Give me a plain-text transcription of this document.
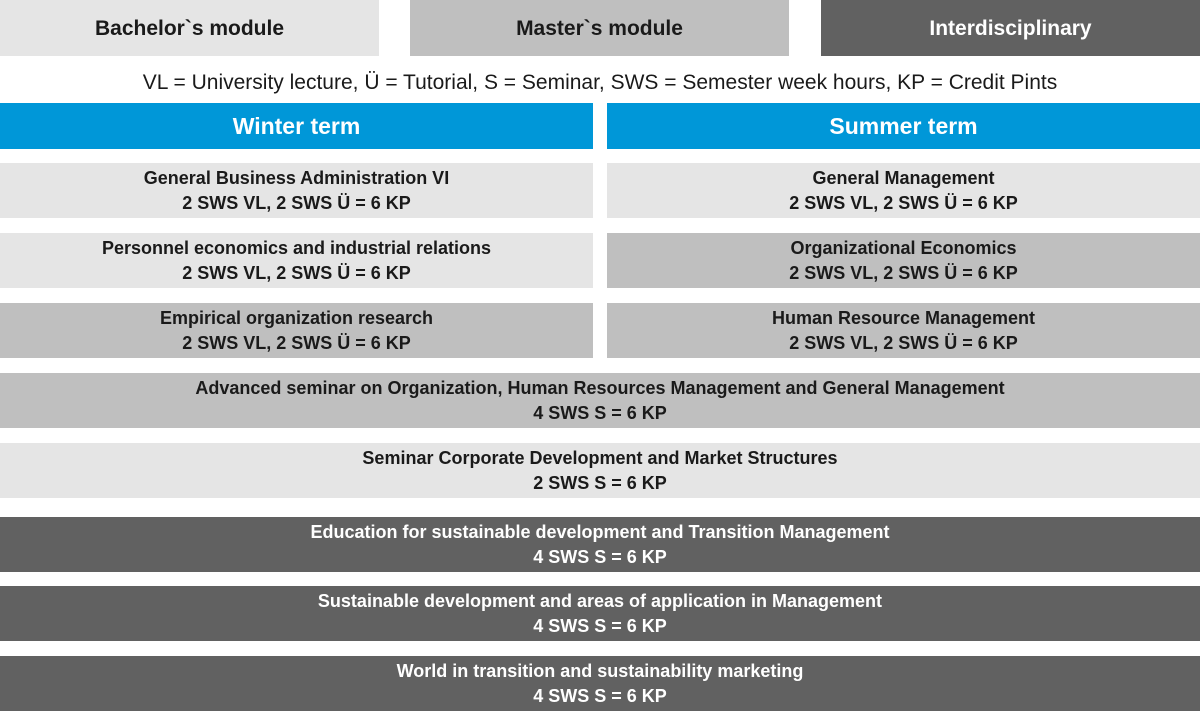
Bachelor`s module	Master`s module	Interdisciplinary
VL = University lecture, Ü = Tutorial, S = Seminar, SWS = Semester week hours, KP = Credit Pints
Winter term	Summer term
General Business Administration VI
2 SWS VL, 2 SWS Ü = 6 KP
Personnel economics and industrial relations
2 SWS VL, 2 SWS Ü = 6 KP
Empirical organization research
2 SWS VL, 2 SWS Ü = 6 KP
General Management
2 SWS VL, 2 SWS Ü = 6 KP
Organizational Economics
2 SWS VL, 2 SWS Ü = 6 KP
Human Resource Management
2 SWS VL, 2 SWS Ü = 6 KP
Advanced seminar on Organization, Human Resources Management and General Management
4 SWS S = 6 KP
Seminar Corporate Development and Market Structures
2 SWS S = 6 KP
Education for sustainable development and Transition Management
4 SWS S = 6 KP
Sustainable development and areas of application in Management
4 SWS S = 6 KP
World in transition and sustainability marketing
4 SWS S = 6 KP
